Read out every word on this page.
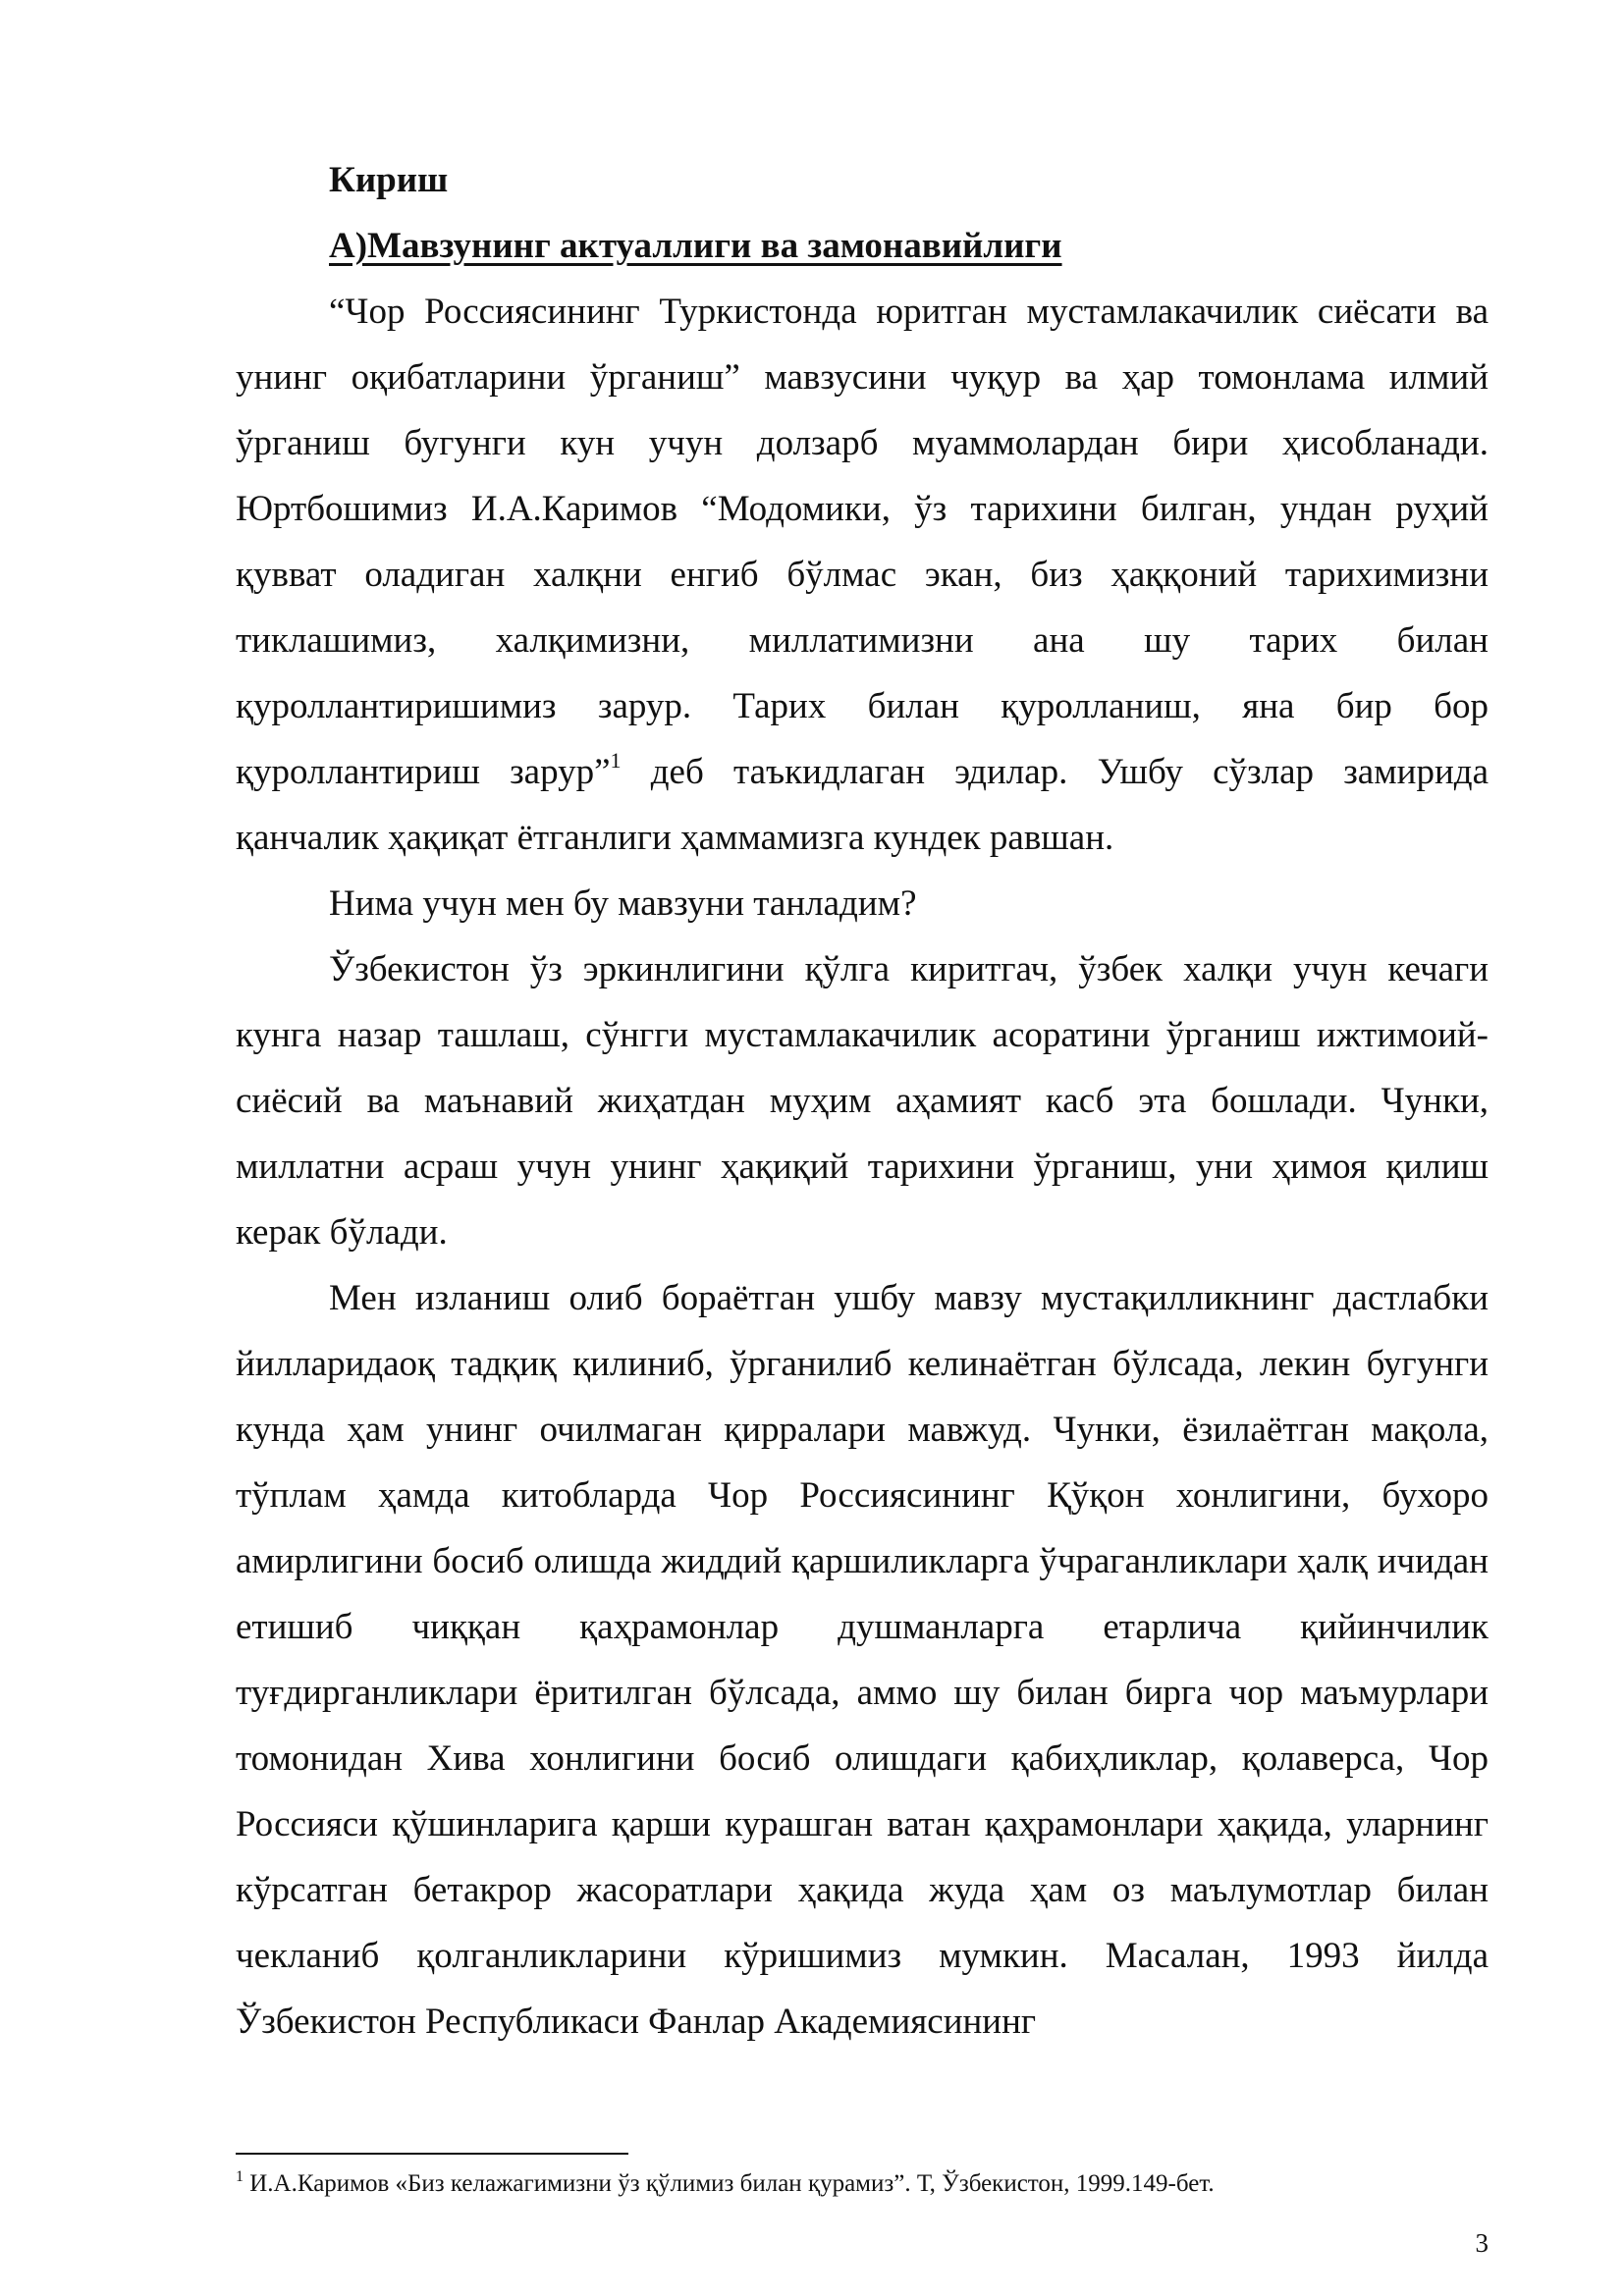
Кириш

А)Мавзунинг актуаллиги ва замонавийлиги

“Чор Россиясининг Туркистонда юритган мустамлакачилик сиёсати ва унинг оқибатларини ўрганиш” мавзусини чуқур ва ҳар томонлама илмий ўрганиш бугунги кун учун долзарб муаммолардан бири ҳисобланади. Юртбошимиз И.А.Каримов “Модомики, ўз тарихини билган, ундан руҳий қувват оладиган халқни енгиб бўлмас экан, биз ҳаққоний тарихимизни тиклашимиз, халқимизни, миллатимизни ана шу тарих билан қуроллантиришимиз зарур. Тарих билан қуролланиш, яна бир бор қуроллантириш зарур”$^1$ деб таъкидлаган эдилар. Ушбу сўзлар замирида қанчалик ҳақиқат ётганлиги ҳаммамизга кундек равшан.

Нима учун мен бу мавзуни танладим?

Ўзбекистон ўз эркинлигини қўлга киритгач, ўзбек халқи учун кечаги кунга назар ташлаш, сўнгги мустамлакачилик асоратини ўрганиш ижтимоий-сиёсий ва маънавий жиҳатдан муҳим аҳамият касб эта бошлади. Чунки, миллатни асраш учун унинг ҳақиқий тарихини ўрганиш, уни ҳимоя қилиш керак бўлади.

Мен изланиш олиб бораётган ушбу мавзу мустақилликнинг дастлабки йилларидаоқ тадқиқ қилиниб, ўрганилиб келинаётган бўлсада, лекин бугунги кунда ҳам унинг очилмаган қирралари мавжуд. Чунки, ёзилаётган мақола, тўплам ҳамда китобларда Чор Россиясининг Қўқон хонлигини, бухоро амирлигини босиб олишда жиддий қаршиликларга ўчраганликлари ҳалқ ичидан етишиб чиққан қаҳрамонлар душманларга етарлича қийинчилик туғдирганликлари ёритилган бўлсада, аммо шу билан бирга чор маъмурлари томонидан Хива хонлигини босиб олишдаги қабиҳликлар, қолаверса, Чор Россияси қўшинларига қарши курашган ватан қаҳрамонлари ҳақида, уларнинг кўрсатган бетакрор жасоратлари ҳақида жуда ҳам оз маълумотлар билан чекланиб қолганликларини кўришимиз мумкин. Масалан, 1993 йилда Ўзбекистон Республикаси Фанлар Академиясининг

$^1$ И.А.Каримов «Биз келажагимизни ўз қўлимиз билан қурамиз”. Т, Ўзбекистон, 1999.149-бет.
3
